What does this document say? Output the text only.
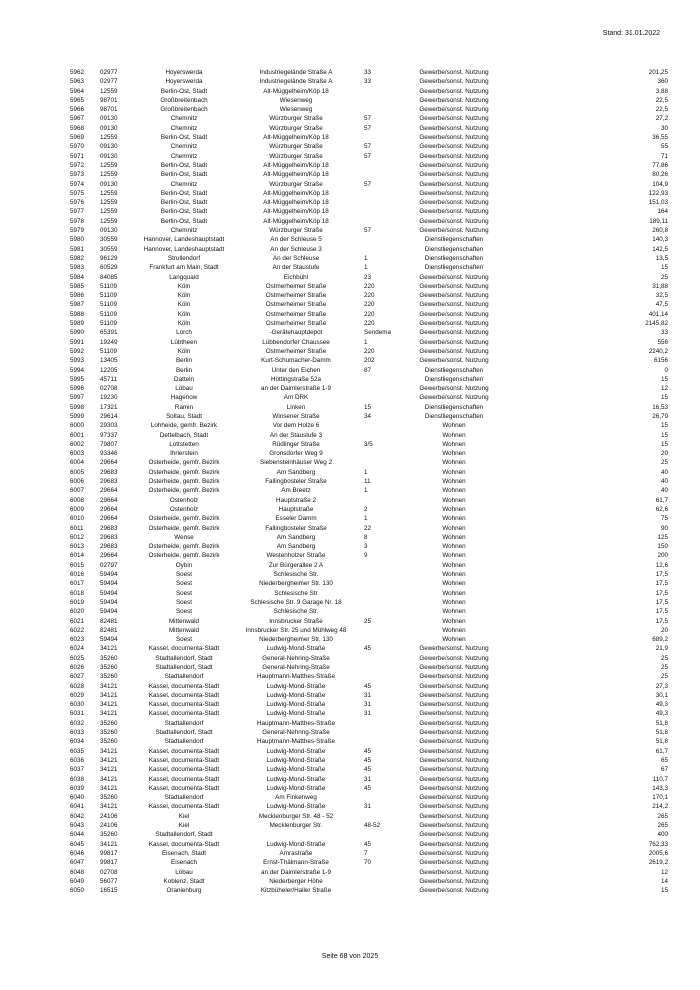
Stand: 31.01.2022
5962	02977	Hoyerswerda	Industriegelände Straße A	33	Gewerbe/sonst. Nutzung	201,25
5963	02977	Hoyerswerda	Industriegelände Straße A	33	Gewerbe/sonst. Nutzung	360
5964	12559	Berlin-Ost, Stadt	Alt-Müggelheim/Köp 18		Gewerbe/sonst. Nutzung	3,88
5965	98701	Großbreitenbach	Wiesenweg		Gewerbe/sonst. Nutzung	22,5
5966	98701	Großbreitenbach	Wiesenweg		Gewerbe/sonst. Nutzung	22,5
5967	09130	Chemnitz	Würzburger Straße	57	Gewerbe/sonst. Nutzung	27,2
5968	09130	Chemnitz	Würzburger Straße	57	Gewerbe/sonst. Nutzung	30
5969	12559	Berlin-Ost, Stadt	Alt-Müggelheim/Köp 18		Gewerbe/sonst. Nutzung	36,55
5970	09130	Chemnitz	Würzburger Straße	57	Gewerbe/sonst. Nutzung	55
5971	09130	Chemnitz	Würzburger Straße	57	Gewerbe/sonst. Nutzung	71
5972	12559	Berlin-Ost, Stadt	Alt-Müggelheim/Köp 18		Gewerbe/sonst. Nutzung	77,86
5973	12559	Berlin-Ost, Stadt	Alt-Müggelheim/Köp 18		Gewerbe/sonst. Nutzung	80,26
5974	09130	Chemnitz	Würzburger Straße	57	Gewerbe/sonst. Nutzung	104,9
5975	12559	Berlin-Ost, Stadt	Alt-Müggelheim/Köp 18		Gewerbe/sonst. Nutzung	122,93
5976	12559	Berlin-Ost, Stadt	Alt-Müggelheim/Köp 18		Gewerbe/sonst. Nutzung	151,03
5977	12559	Berlin-Ost, Stadt	Alt-Müggelheim/Köp 18		Gewerbe/sonst. Nutzung	164
5978	12559	Berlin-Ost, Stadt	Alt-Müggelheim/Köp 18		Gewerbe/sonst. Nutzung	189,11
5979	09130	Chemnitz	Würzburger Straße	57	Gewerbe/sonst. Nutzung	260,8
5980	30559	Hannover, Landeshauptstadt	An der Schleuse 5		Dienstliegenschaften	140,3
5981	30559	Hannover, Landeshauptstadt	An der Schleuse 3		Dienstliegenschaften	142,5
5982	96129	Strullendorf	An der Schleuse	1	Dienstliegenschaften	13,5
5983	60529	Frankfurt am Main, Stadt	An der Staustufe	1	Dienstliegenschaften	15
5984	84085	Langquaid	Eichbühl	23	Gewerbe/sonst. Nutzung	25
5985	51109	Köln	Ostmerheimer Straße	220	Gewerbe/sonst. Nutzung	31,88
5986	51109	Köln	Ostmerheimer Straße	220	Gewerbe/sonst. Nutzung	32,5
5987	51109	Köln	Ostmerheimer Straße	220	Gewerbe/sonst. Nutzung	47,5
5988	51109	Köln	Ostmerheimer Straße	220	Gewerbe/sonst. Nutzung	401,14
5989	51109	Köln	Ostmerheimer Straße	220	Gewerbe/sonst. Nutzung	2145,82
5990	65391	Lorch	-Gerätehauptdepot	Sendema	Gewerbe/sonst. Nutzung	33
5991	19249	Lübtheen	Lübbendorfer Chaussee	1	Gewerbe/sonst. Nutzung	556
5992	51109	Köln	Ostmerheimer Straße	220	Gewerbe/sonst. Nutzung	2240,2
5993	13405	Berlin	Kurt-Schumacher-Damm	202	Gewerbe/sonst. Nutzung	6156
5994	12205	Berlin	Unter den Eichen	87	Dienstliegenschaften	0
5995	45711	Datteln	Höttingstraße 52a		Dienstliegenschaften	15
5996	02708	Löbau	an der Daimlerstraße 1-9		Gewerbe/sonst. Nutzung	12
5997	19230	Hagenow	Am DRK		Gewerbe/sonst. Nutzung	15
5998	17321	Ramin	Linken	15	Dienstliegenschaften	16,53
5999	29614	Soltau, Stadt	Winsener Straße	34	Dienstliegenschaften	26,79
6000	29303	Lohheide, gemfr. Bezirk	Vor dem Holze 6		Wohnen	15
6001	97337	Dettelbach, Stadt	An der Staustufe 3		Wohnen	15
6002	79807	Lottstetten	Rüdlinger Straße	3/5	Wohnen	15
6003	93346	Ihrlerstein	Gronsdorfer Weg 9		Wohnen	20
6004	29664	Osterheide, gemfr. Bezirk	Siebensteinhäuser Weg 2		Wohnen	25
6005	29683	Osterheide, gemfr. Bezirk	Am Sandberg	1	Wohnen	40
6006	29683	Osterheide, gemfr. Bezirk	Fallingbosteler Straße	11	Wohnen	40
6007	29664	Osterheide, gemfr. Bezirk	Am Breetz	1	Wohnen	40
6008	29664	Ostenholz	Hauptstraße 2		Wohnen	61,7
6009	29664	Ostenholz	Hauptstraße	2	Wohnen	62,6
6010	29664	Osterheide, gemfr. Bezirk	Esseler Damm	1	Wohnen	75
6011	29683	Osterheide, gemfr. Bezirk	Fallingbosteler Straße	22	Wohnen	90
6012	29683	Wense	Am Sandberg	8	Wohnen	125
6013	29683	Osterheide, gemfr. Bezirk	Am Sandberg	3	Wohnen	150
6014	29664	Osterheide, gemfr. Bezirk	Westenholzer Straße	9	Wohnen	200
6015	02797	Oybin	Zur Bürgerallee 2 A		Wohnen	12,6
6016	59494	Soest	Schlesische Str.		Wohnen	17,5
6017	59494	Soest	Niederbergheimer Str. 130		Wohnen	17,5
6018	59494	Soest	Schlesische Str		Wohnen	17,5
6019	59494	Soest	Schlesische Str. 9 Garage Nr. 18		Wohnen	17,5
6020	59494	Soest	Schlesische Str.		Wohnen	17,5
6021	82481	Mittenwald	Innsbrucker Straße	25	Wohnen	17,5
6022	82481	Mittenwald	Innsbrucker Str. 25 und Mühlweg 48		Wohnen	20
6023	59494	Soest	Niederbergheimer Str. 130		Wohnen	689,2
6024	34121	Kassel, documenta-Stadt	Ludwig-Mond-Straße	45	Gewerbe/sonst. Nutzung	21,9
6025	35260	Stadtallendorf, Stadt	General-Nehring-Straße		Gewerbe/sonst. Nutzung	25
6026	35260	Stadtallendorf, Stadt	General-Nehring-Straße		Gewerbe/sonst. Nutzung	25
6027	35260	Stadtallendorf	Hauptmann-Matthes-Straße		Gewerbe/sonst. Nutzung	25
6028	34121	Kassel, documenta-Stadt	Ludwig-Mond-Straße	45	Gewerbe/sonst. Nutzung	27,3
6029	34121	Kassel, documenta-Stadt	Ludwig-Mond-Straße	31	Gewerbe/sonst. Nutzung	30,1
6030	34121	Kassel, documenta-Stadt	Ludwig-Mond-Straße	31	Gewerbe/sonst. Nutzung	49,3
6031	34121	Kassel, documenta-Stadt	Ludwig-Mond-Straße	31	Gewerbe/sonst. Nutzung	49,3
6032	35260	Stadtallendorf	Hauptmann-Matthes-Straße		Gewerbe/sonst. Nutzung	51,8
6033	35260	Stadtallendorf, Stadt	General-Nehring-Straße		Gewerbe/sonst. Nutzung	51,8
6034	35260	Stadtallendorf	Hauptmann-Matthes-Straße		Gewerbe/sonst. Nutzung	51,8
6035	34121	Kassel, documenta-Stadt	Ludwig-Mond-Straße	45	Gewerbe/sonst. Nutzung	61,7
6036	34121	Kassel, documenta-Stadt	Ludwig-Mond-Straße	45	Gewerbe/sonst. Nutzung	65
6037	34121	Kassel, documenta-Stadt	Ludwig-Mond-Straße	45	Gewerbe/sonst. Nutzung	67
6038	34121	Kassel, documenta-Stadt	Ludwig-Mond-Straße	31	Gewerbe/sonst. Nutzung	110,7
6039	34121	Kassel, documenta-Stadt	Ludwig-Mond-Straße	45	Gewerbe/sonst. Nutzung	143,3
6040	35260	Stadtallendorf	Am Finkenweg		Gewerbe/sonst. Nutzung	170,1
6041	34121	Kassel, documenta-Stadt	Ludwig-Mond-Straße	31	Gewerbe/sonst. Nutzung	214,2
6042	24106	Kiel	Mecklenburger Str. 48 - 52		Gewerbe/sonst. Nutzung	265
6043	24106	Kiel	Mecklenburger Str.	48-52	Gewerbe/sonst. Nutzung	265
6044	35260	Stadtallendorf, Stadt			Gewerbe/sonst. Nutzung	400
6045	34121	Kassel, documenta-Stadt	Ludwig-Mond-Straße	45	Gewerbe/sonst. Nutzung	762,33
6046	99817	Eisenach, Stadt	Amrastraße	7	Gewerbe/sonst. Nutzung	2005,6
6047	99817	Eisenach	Ernst-Thälmann-Straße	70	Gewerbe/sonst. Nutzung	2619,2
6048	02708	Löbau	an der Daimlerstraße 1-9		Gewerbe/sonst. Nutzung	12
6049	56077	Koblenz, Stadt	Niederberger Höhe		Gewerbe/sonst. Nutzung	14
6050	16515	Oranienburg	Kitzbüheler/Haller Straße		Gewerbe/sonst. Nutzung	15
Seite 68 von 2025
